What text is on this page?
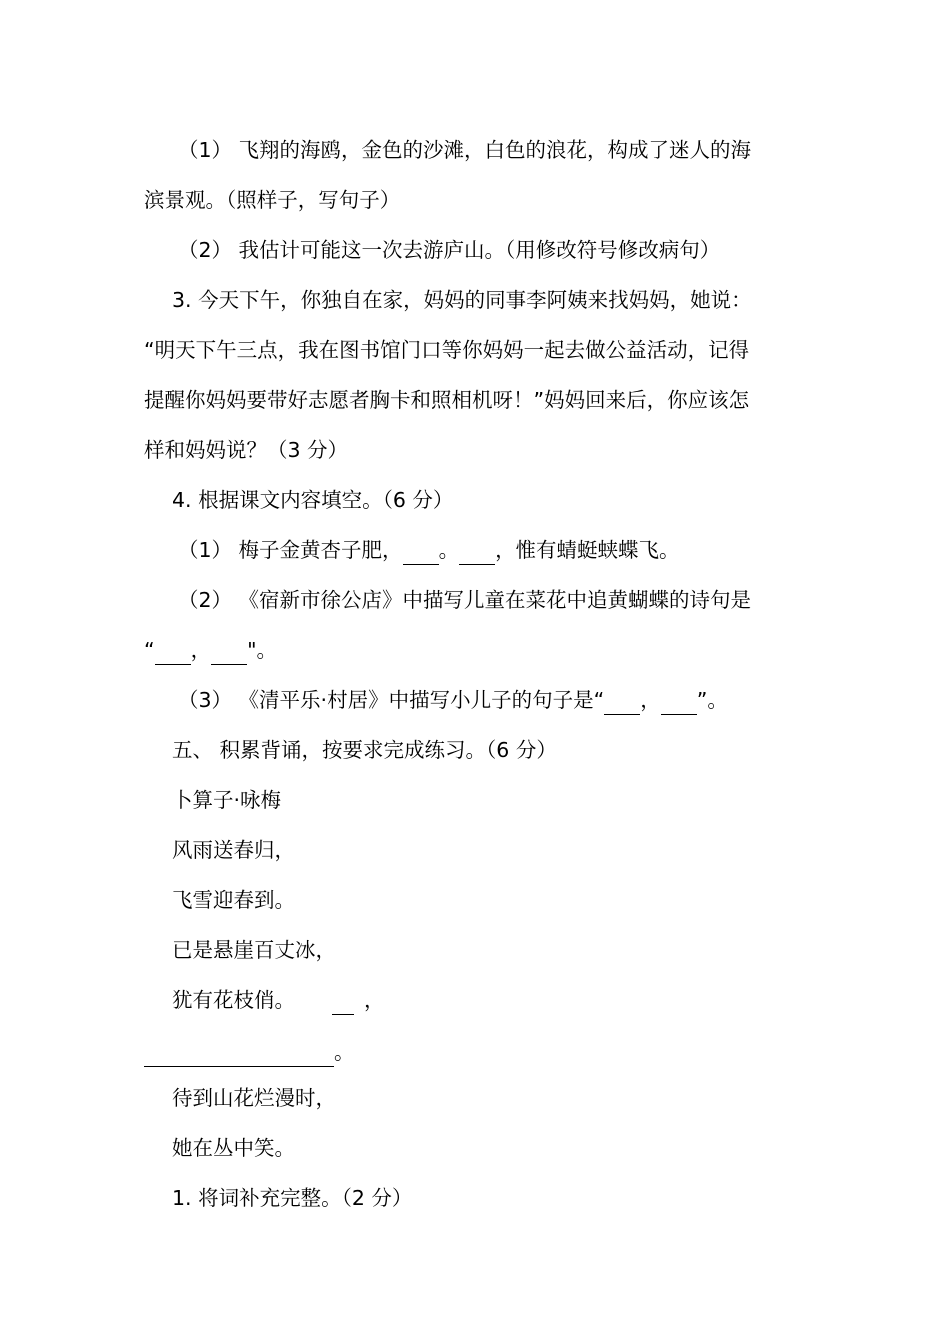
（1） 飞翔的海鸥，金色的沙滩，白色的浪花，构成了迷人的海
滨景观。（照样子，写句子）
（2） 我估计可能这一次去游庐山。（用修改符号修改病句）
3. 今天下午，你独自在家，妈妈的同事李阿姨来找妈妈，她说：
“明天下午三点，我在图书馆门口等你妈妈一起去做公益活动，记得
提醒你妈妈要带好志愿者胸卡和照相机呀！”妈妈回来后，你应该怎
样和妈妈说？（3 分）
4. 根据课文内容填空。（6 分）
（1） 梅子金黄杏子肥， 。 ，惟有蜻蜓蛱蝶飞。
（2） 《宿新市徐公店》中描写儿童在菜花中追黄蝴蝶的诗句是
“ ， "。
（3） 《清平乐·村居》中描写小儿子的句子是“ ， ”。
五、 积累背诵，按要求完成练习。（6 分）
卜算子·咏梅
风雨送春归，
飞雪迎春到。
已是悬崖百丈冰，
犹有花枝俏。	，
。
待到山花烂漫时，
她在丛中笑。
1. 将词补充完整。（2 分）
